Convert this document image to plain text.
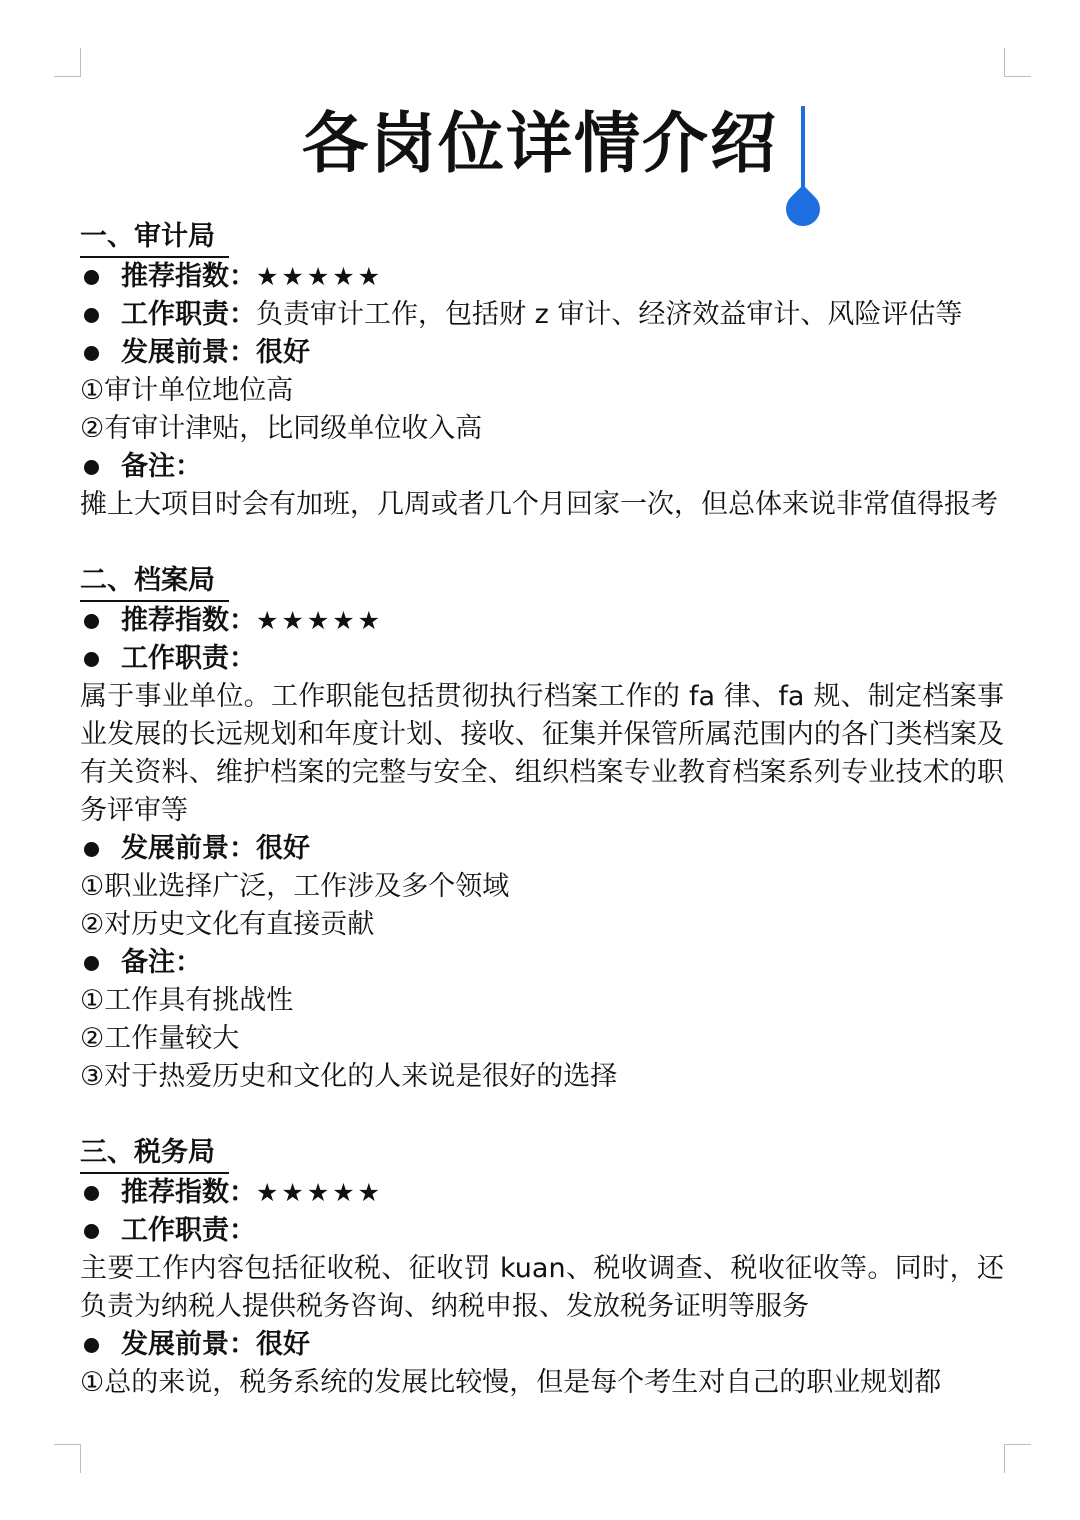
各岗位详情介绍
一、审计局
推荐指数： ★★★★★
工作职责： 负责审计工作，包括财 z 审计、经济效益审计、风险评估等
发展前景： 很好
①审计单位地位高
②有审计津贴，比同级单位收入高
备注：
摊上大项目时会有加班，几周或者几个月回家一次，但总体来说非常值得报考
二、档案局
推荐指数： ★★★★★
工作职责：
属于事业单位。工作职能包括贯彻执行档案工作的 fa 律、fa 规、制定档案事业发展的长远规划和年度计划、接收、征集并保管所属范围内的各门类档案及有关资料、维护档案的完整与安全、组织档案专业教育档案系列专业技术的职务评审等
发展前景： 很好
①职业选择广泛，工作涉及多个领域
②对历史文化有直接贡献
备注：
①工作具有挑战性
②工作量较大
③对于热爱历史和文化的人来说是很好的选择
三、税务局
推荐指数： ★★★★★
工作职责：
主要工作内容包括征收税、征收罚 kuan、税收调查、税收征收等。同时，还负责为纳税人提供税务咨询、纳税申报、发放税务证明等服务
发展前景： 很好
①总的来说，税务系统的发展比较慢，但是每个考生对自己的职业规划都
